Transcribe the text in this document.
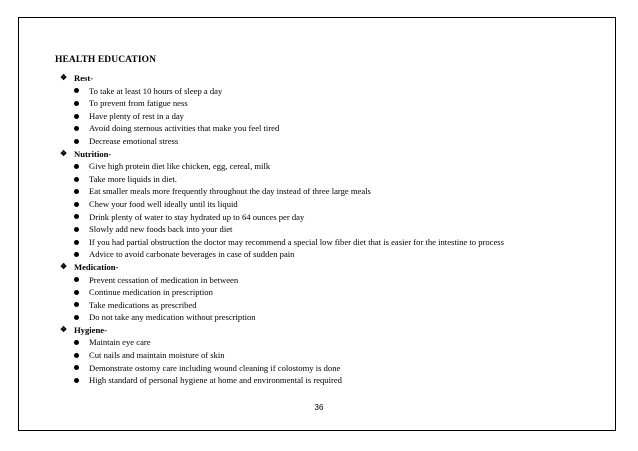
HEALTH EDUCATION
❖ Rest-
To take at least 10 hours of sleep a day
To prevent from fatigue ness
Have plenty of rest in a day
Avoid doing sternous activities that make you feel tired
Decrease emotional stress
❖ Nutrition-
Give high protein diet like chicken, egg, cereal, milk
Take more liquids in diet.
Eat smaller meals more frequently throughout the day instead of three large meals
Chew your food well ideally until its liquid
Drink plenty of water to stay hydrated up to 64 ounces per day
Slowly add new foods back into your diet
If you had partial obstruction the doctor may recommend a special low fiber diet that is easier for the intestine to process
Advice to avoid carbonate beverages in case of sudden pain
❖ Medication-
Prevent cessation of medication in between
Continue medication in prescription
Take medications as prescribed
Do not take any medication without prescription
❖ Hygiene-
Maintain eye care
Cut nails and maintain moisture of skin
Demonstrate ostomy care including wound cleaning if colostomy is done
High standard of personal hygiene at home and environmental is required
36
